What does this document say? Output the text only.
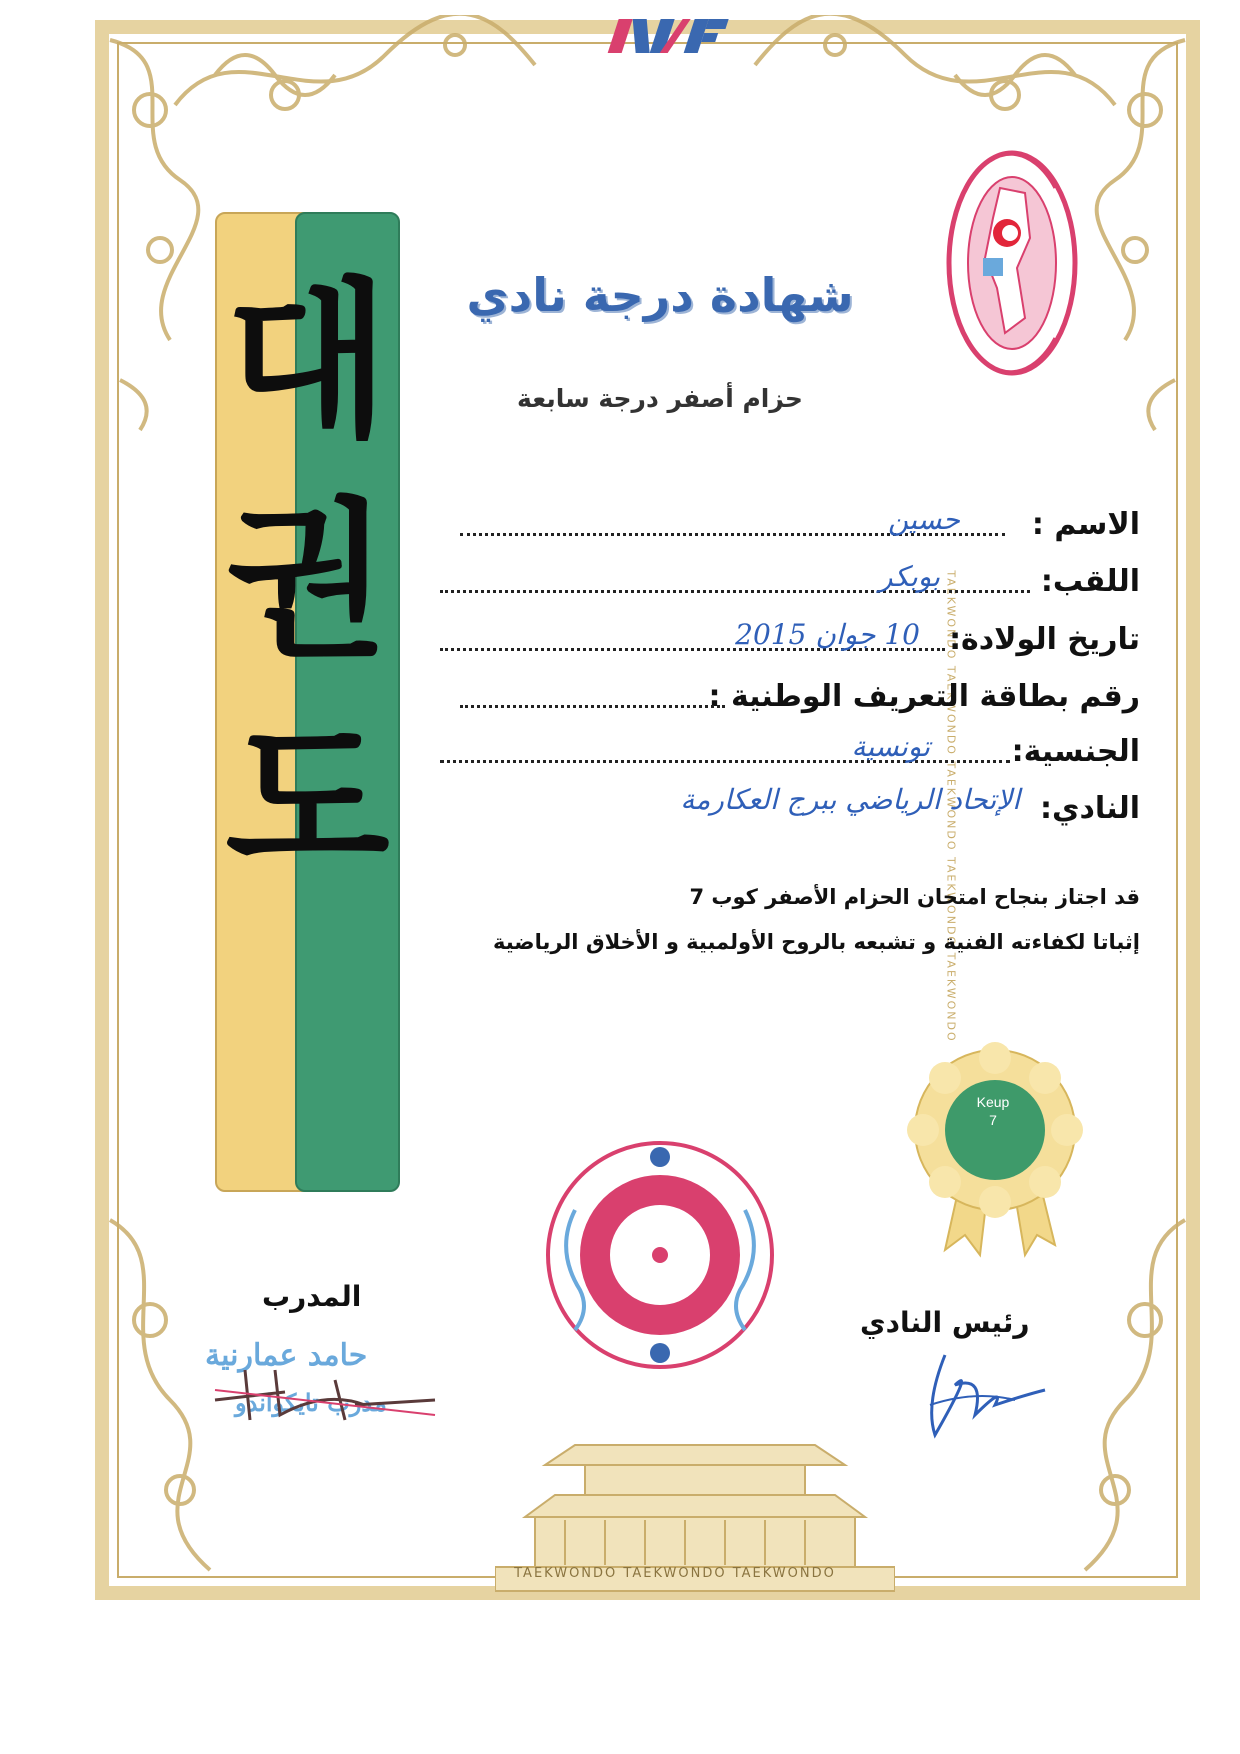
TAEKWONDO TAEKWONDO TAEKWONDO TAEKWONDO TAEKWONDO
대
권
도
شهادة درجة نادي
حزام أصفر درجة سابعة
الاسم :
حسين
اللقب:
بوبكر
تاريخ الولادة:
10 جوان 2015
رقم بطاقة التعريف الوطنية :
الجنسية:
تونسية
النادي:
الإتحاد الرياضي ببرج العكارمة
قد اجتاز بنجاح امتحان الحزام الأصفر كوب 7
إثباتا لكفاءته الفنية و تشبعه بالروح الأولمبية و الأخلاق الرياضية
Keup
7
المدرب
حامد عمارنية
مدرب تايكواندو
رئيس النادي
TAEKWONDO TAEKWONDO TAEKWONDO
